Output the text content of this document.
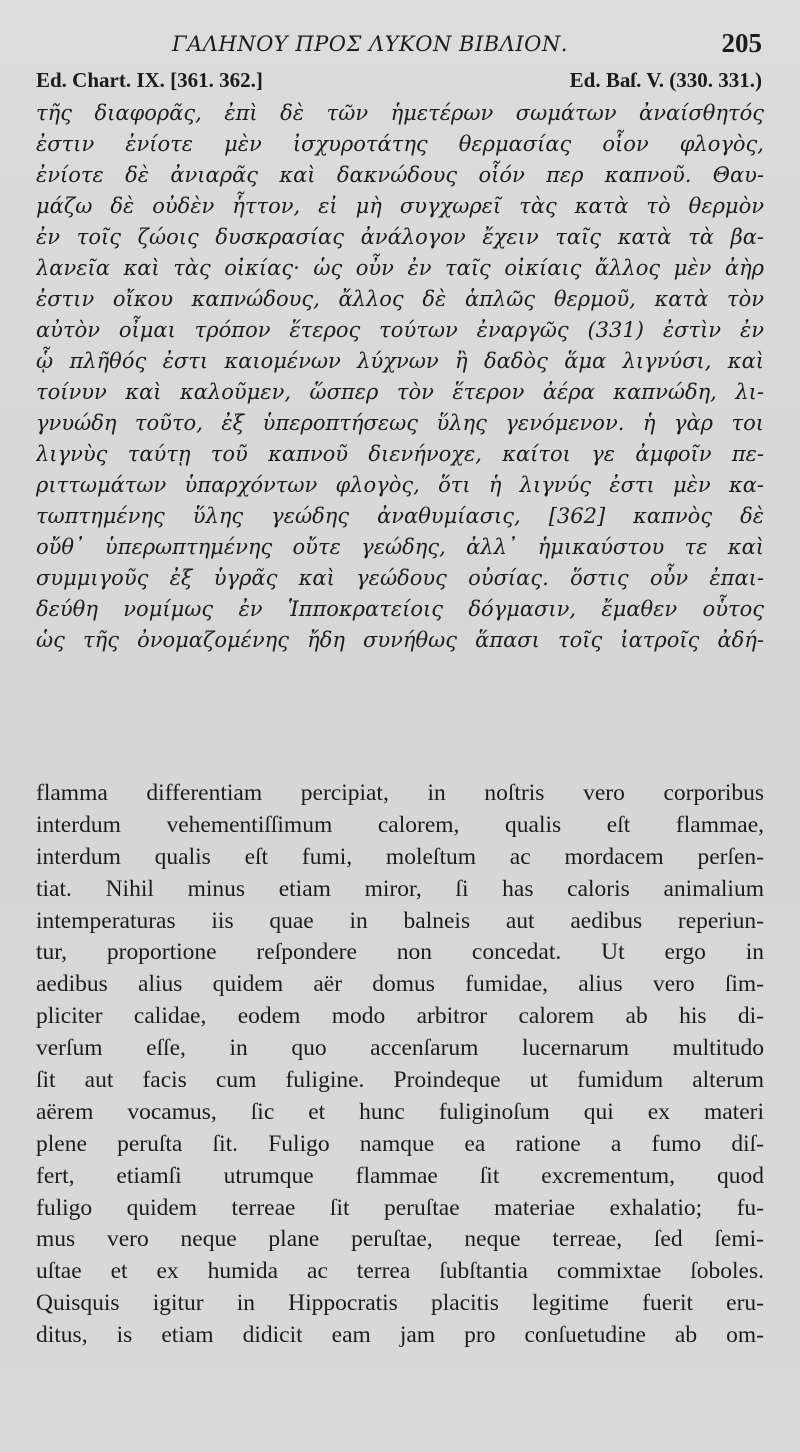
ΓΑΛΗΝΟΥ ΠΡΟΣ ΛΥΚΟΝ ΒΙΒΛΙΟΝ.	205
Ed. Chart. IX. [361. 362.]	Ed. Baſ. V. (330. 331.)
τῆς διαφορᾶς, ἐπὶ δὲ τῶν ἡμετέρων σωμάτων ἀναίσθητός
ἐστιν ἐνίοτε μὲν ἰσχυροτάτης θερμασίας οἷον φλογὸς,
ἐνίοτε δὲ ἀνιαρᾶς καὶ δακνώδους οἷόν περ καπνοῦ. Θαυ-
μάζω δὲ οὐδὲν ἧττον, εἰ μὴ συγχωρεῖ τὰς κατὰ τὸ θερμὸν
ἐν τοῖς ζώοις δυσκρασίας ἀνάλογον ἔχειν ταῖς κατὰ τὰ βα-
λανεῖα καὶ τὰς οἰκίας· ὡς οὖν ἐν ταῖς οἰκίαις ἄλλος μὲν ἀὴρ
ἐστιν οἴκου καπνώδους, ἄλλος δὲ ἁπλῶς θερμοῦ, κατὰ τὸν
αὐτὸν οἶμαι τρόπον ἕτερος τούτων ἐναργῶς (331) ἐστὶν ἐν
ᾧ πλῆθός ἐστι καιομένων λύχνων ἢ δαδὸς ἅμα λιγνύσι, καὶ
τοίνυν καὶ καλοῦμεν, ὥσπερ τὸν ἕτερον ἀέρα καπνώδη, λι-
γνυώδη τοῦτο, ἐξ ὑπεροπτήσεως ὕλης γενόμενον. ἡ γὰρ τοι
λιγνὺς ταύτῃ τοῦ καπνοῦ διενήνοχε, καίτοι γε ἀμφοῖν πε-
ριττωμάτων ὑπαρχόντων φλογὸς, ὅτι ἡ λιγνύς ἐστι μὲν κα-
τωπτημένης ὕλης γεώδης ἀναθυμίασις, [362] καπνὸς δὲ
οὔθ᾽ ὑπερωπτημένης οὔτε γεώδης, ἀλλ᾽ ἡμικαύστου τε καὶ
συμμιγοῦς ἐξ ὑγρᾶς καὶ γεώδους οὐσίας. ὅστις οὖν ἐπαι-
δεύθη νομίμως ἐν Ἱπποκρατείοις δόγμασιν, ἔμαθεν οὗτος
ὡς τῆς ὀνομαζομένης ἤδη συνήθως ἅπασι τοῖς ἰατροῖς ἀδή-
flamma differentiam percipiat, in noſtris vero corporibus
interdum vehementiſſimum calorem, qualis eſt flammae,
interdum qualis eſt fumi, moleſtum ac mordacem perſen-
tiat. Nihil minus etiam miror, ſi has caloris animalium
intemperaturas iis quae in balneis aut aedibus reperiun-
tur, proportione reſpondere non concedat. Ut ergo in
aedibus alius quidem aër domus fumidae, alius vero ſim-
pliciter calidae, eodem modo arbitror calorem ab his di-
verſum eſſe, in quo accenſarum lucernarum multitudo
ſit aut facis cum fuligine. Proindeque ut fumidum alterum
aërem vocamus, ſic et hunc fuliginoſum qui ex materi
plene peruſta ſit. Fuligo namque ea ratione a fumo diſ-
fert, etiamſi utrumque flammae ſit excrementum, quod
fuligo quidem terreae ſit peruſtae materiae exhalatio; fu-
mus vero neque plane peruſtae, neque terreae, ſed ſemi-
uſtae et ex humida ac terrea ſubſtantia commixtae ſoboles.
Quisquis igitur in Hippocratis placitis legitime fuerit eru-
ditus, is etiam didicit eam jam pro conſuetudine ab om-
